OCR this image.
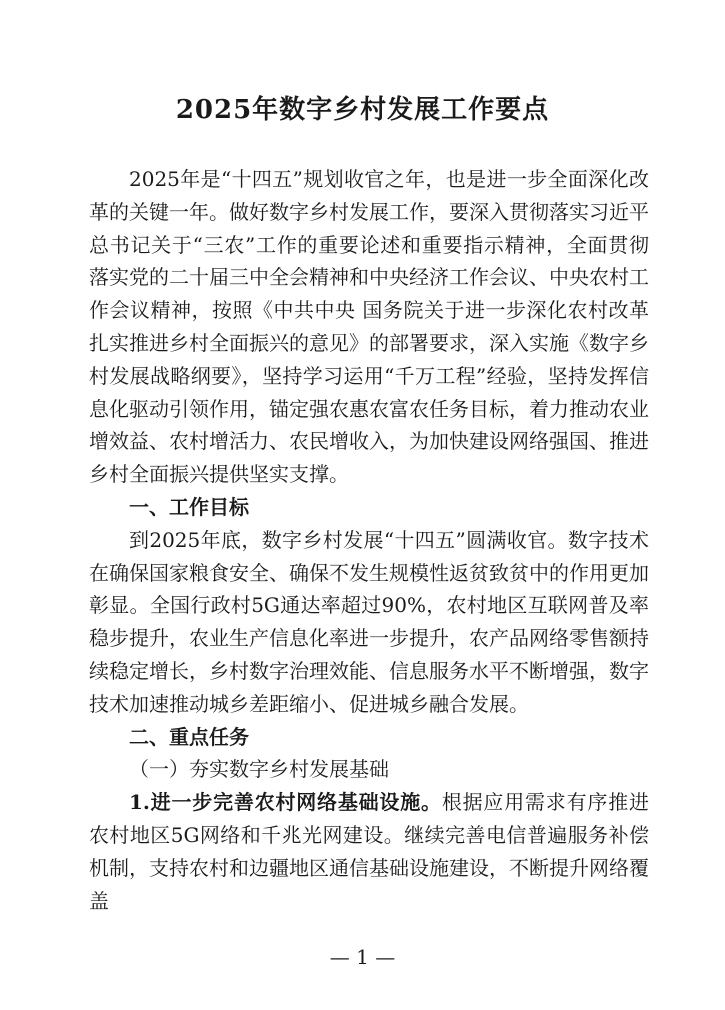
2025年数字乡村发展工作要点

2025年是“十四五”规划收官之年，也是进一步全面深化改革的关键一年。做好数字乡村发展工作，要深入贯彻落实习近平总书记关于“三农”工作的重要论述和重要指示精神，全面贯彻落实党的二十届三中全会精神和中央经济工作会议、中央农村工作会议精神，按照《中共中央 国务院关于进一步深化农村改革 扎实推进乡村全面振兴的意见》的部署要求，深入实施《数字乡村发展战略纲要》，坚持学习运用“千万工程”经验，坚持发挥信息化驱动引领作用，锚定强农惠农富农任务目标，着力推动农业增效益、农村增活力、农民增收入，为加快建设网络强国、推进乡村全面振兴提供坚实支撑。

一、工作目标

到2025年底，数字乡村发展“十四五”圆满收官。数字技术在确保国家粮食安全、确保不发生规模性返贫致贫中的作用更加彰显。全国行政村5G通达率超过90%，农村地区互联网普及率稳步提升，农业生产信息化率进一步提升，农产品网络零售额持续稳定增长，乡村数字治理效能、信息服务水平不断增强，数字技术加速推动城乡差距缩小、促进城乡融合发展。

二、重点任务

（一）夯实数字乡村发展基础

1.进一步完善农村网络基础设施。根据应用需求有序推进农村地区5G网络和千兆光网建设。继续完善电信普遍服务补偿机制，支持农村和边疆地区通信基础设施建设，不断提升网络覆盖

— 1 —
